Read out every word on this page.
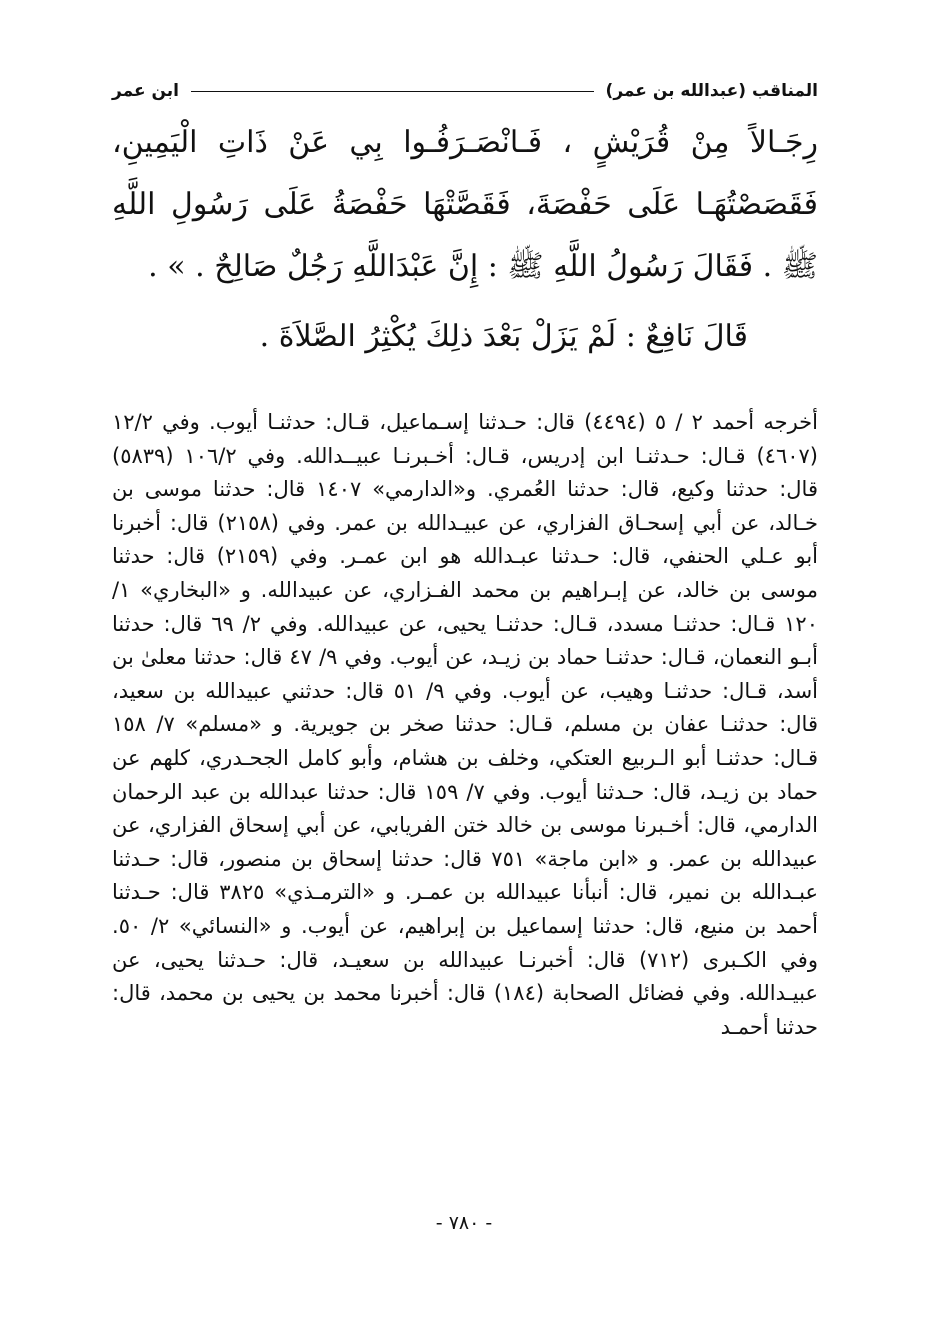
المناقب (عبدالله بن عمر)
ابن عمر

رِجَـالاً مِنْ قُرَيْشٍ ، فَـانْصَـرَفُـوا بِي عَنْ ذَاتِ الْيَمِينِ، فَقَصَصْتُهَـا عَلَى حَفْصَةَ، فَقَصَّتْهَا حَفْصَةُ عَلَى رَسُولِ اللَّهِ ﷺ . فَقَالَ رَسُولُ اللَّهِ ﷺ : إِنَّ عَبْدَاللَّهِ رَجُلٌ صَالِحٌ . » .

قَالَ نَافِعٌ : لَمْ يَزَلْ بَعْدَ ذلِكَ يُكْثِرُ الصَّلاَةَ .

أخرجه أحمد ٢ / ٥ (٤٤٩٤) قال: حـدثنا إسـماعيل، قـال: حدثنـا أيوب. وفي ١٢/٢ (٤٦٠٧) قـال: حـدثنـا ابن إدريس، قـال: أخـبرنـا عبيــدالله. وفي ١٠٦/٢ (٥٨٣٩) قال: حدثنا وكيع، قال: حدثنا العُمري. و«الدارمي» ١٤٠٧ قال: حدثنا موسى بن خـالد، عن أبي إسحـاق الفزاري، عن عبيـدالله بن عمر. وفي (٢١٥٨) قال: أخبرنا أبو عـلي الحنفي، قال: حـدثنا عبـدالله هو ابن عمـر. وفي (٢١٥٩) قال: حدثنا موسى بن خالد، عن إبـراهيم بن محمد الفـزاري، عن عبيدالله. و «البخاري» ١/ ١٢٠ قـال: حدثنـا مسدد، قـال: حدثنـا يحيى، عن عبيدالله. وفي ٢/ ٦٩ قال: حدثنا أبـو النعمان، قـال: حدثنـا حماد بن زيـد، عن أيوب. وفي ٩/ ٤٧ قال: حدثنا معلىٰ بن أسد، قـال: حدثنـا وهيب، عن أيوب. وفي ٩/ ٥١ قال: حدثني عبيدالله بن سعيد، قال: حدثنـا عفان بن مسلم، قـال: حدثنا صخر بن جويرية. و «مسلم» ٧/ ١٥٨ قـال: حدثنـا أبو الـربيع العتكي، وخلف بن هشام، وأبو كامل الجحـدري، كلهم عن حماد بن زيـد، قال: حـدثنا أيوب. وفي ٧/ ١٥٩ قال: حدثنا عبدالله بن عبد الرحمان الدارمي، قال: أخـبرنا موسى بن خالد ختن الفريابي، عن أبي إسحاق الفزاري، عن عبيدالله بن عمر. و «ابن ماجة» ٧٥١ قال: حدثنا إسحاق بن منصور، قال: حـدثنا عبـدالله بن نمير، قال: أنبأنا عبيدالله بن عمـر. و «الترمـذي» ٣٨٢٥ قال: حـدثنا أحمد بن منيع، قال: حدثنا إسماعيل بن إبراهيم، عن أيوب. و «النسائي» ٢/ ٥٠. وفي الكـبرى (٧١٢) قال: أخبرنـا عبيدالله بن سعيـد، قال: حـدثنا يحيى، عن عبيـدالله. وفي فضائل الصحابة (١٨٤) قال: أخبرنا محمد بن يحيى بن محمد، قال: حدثنا أحمـد

- ٧٨٠ -
